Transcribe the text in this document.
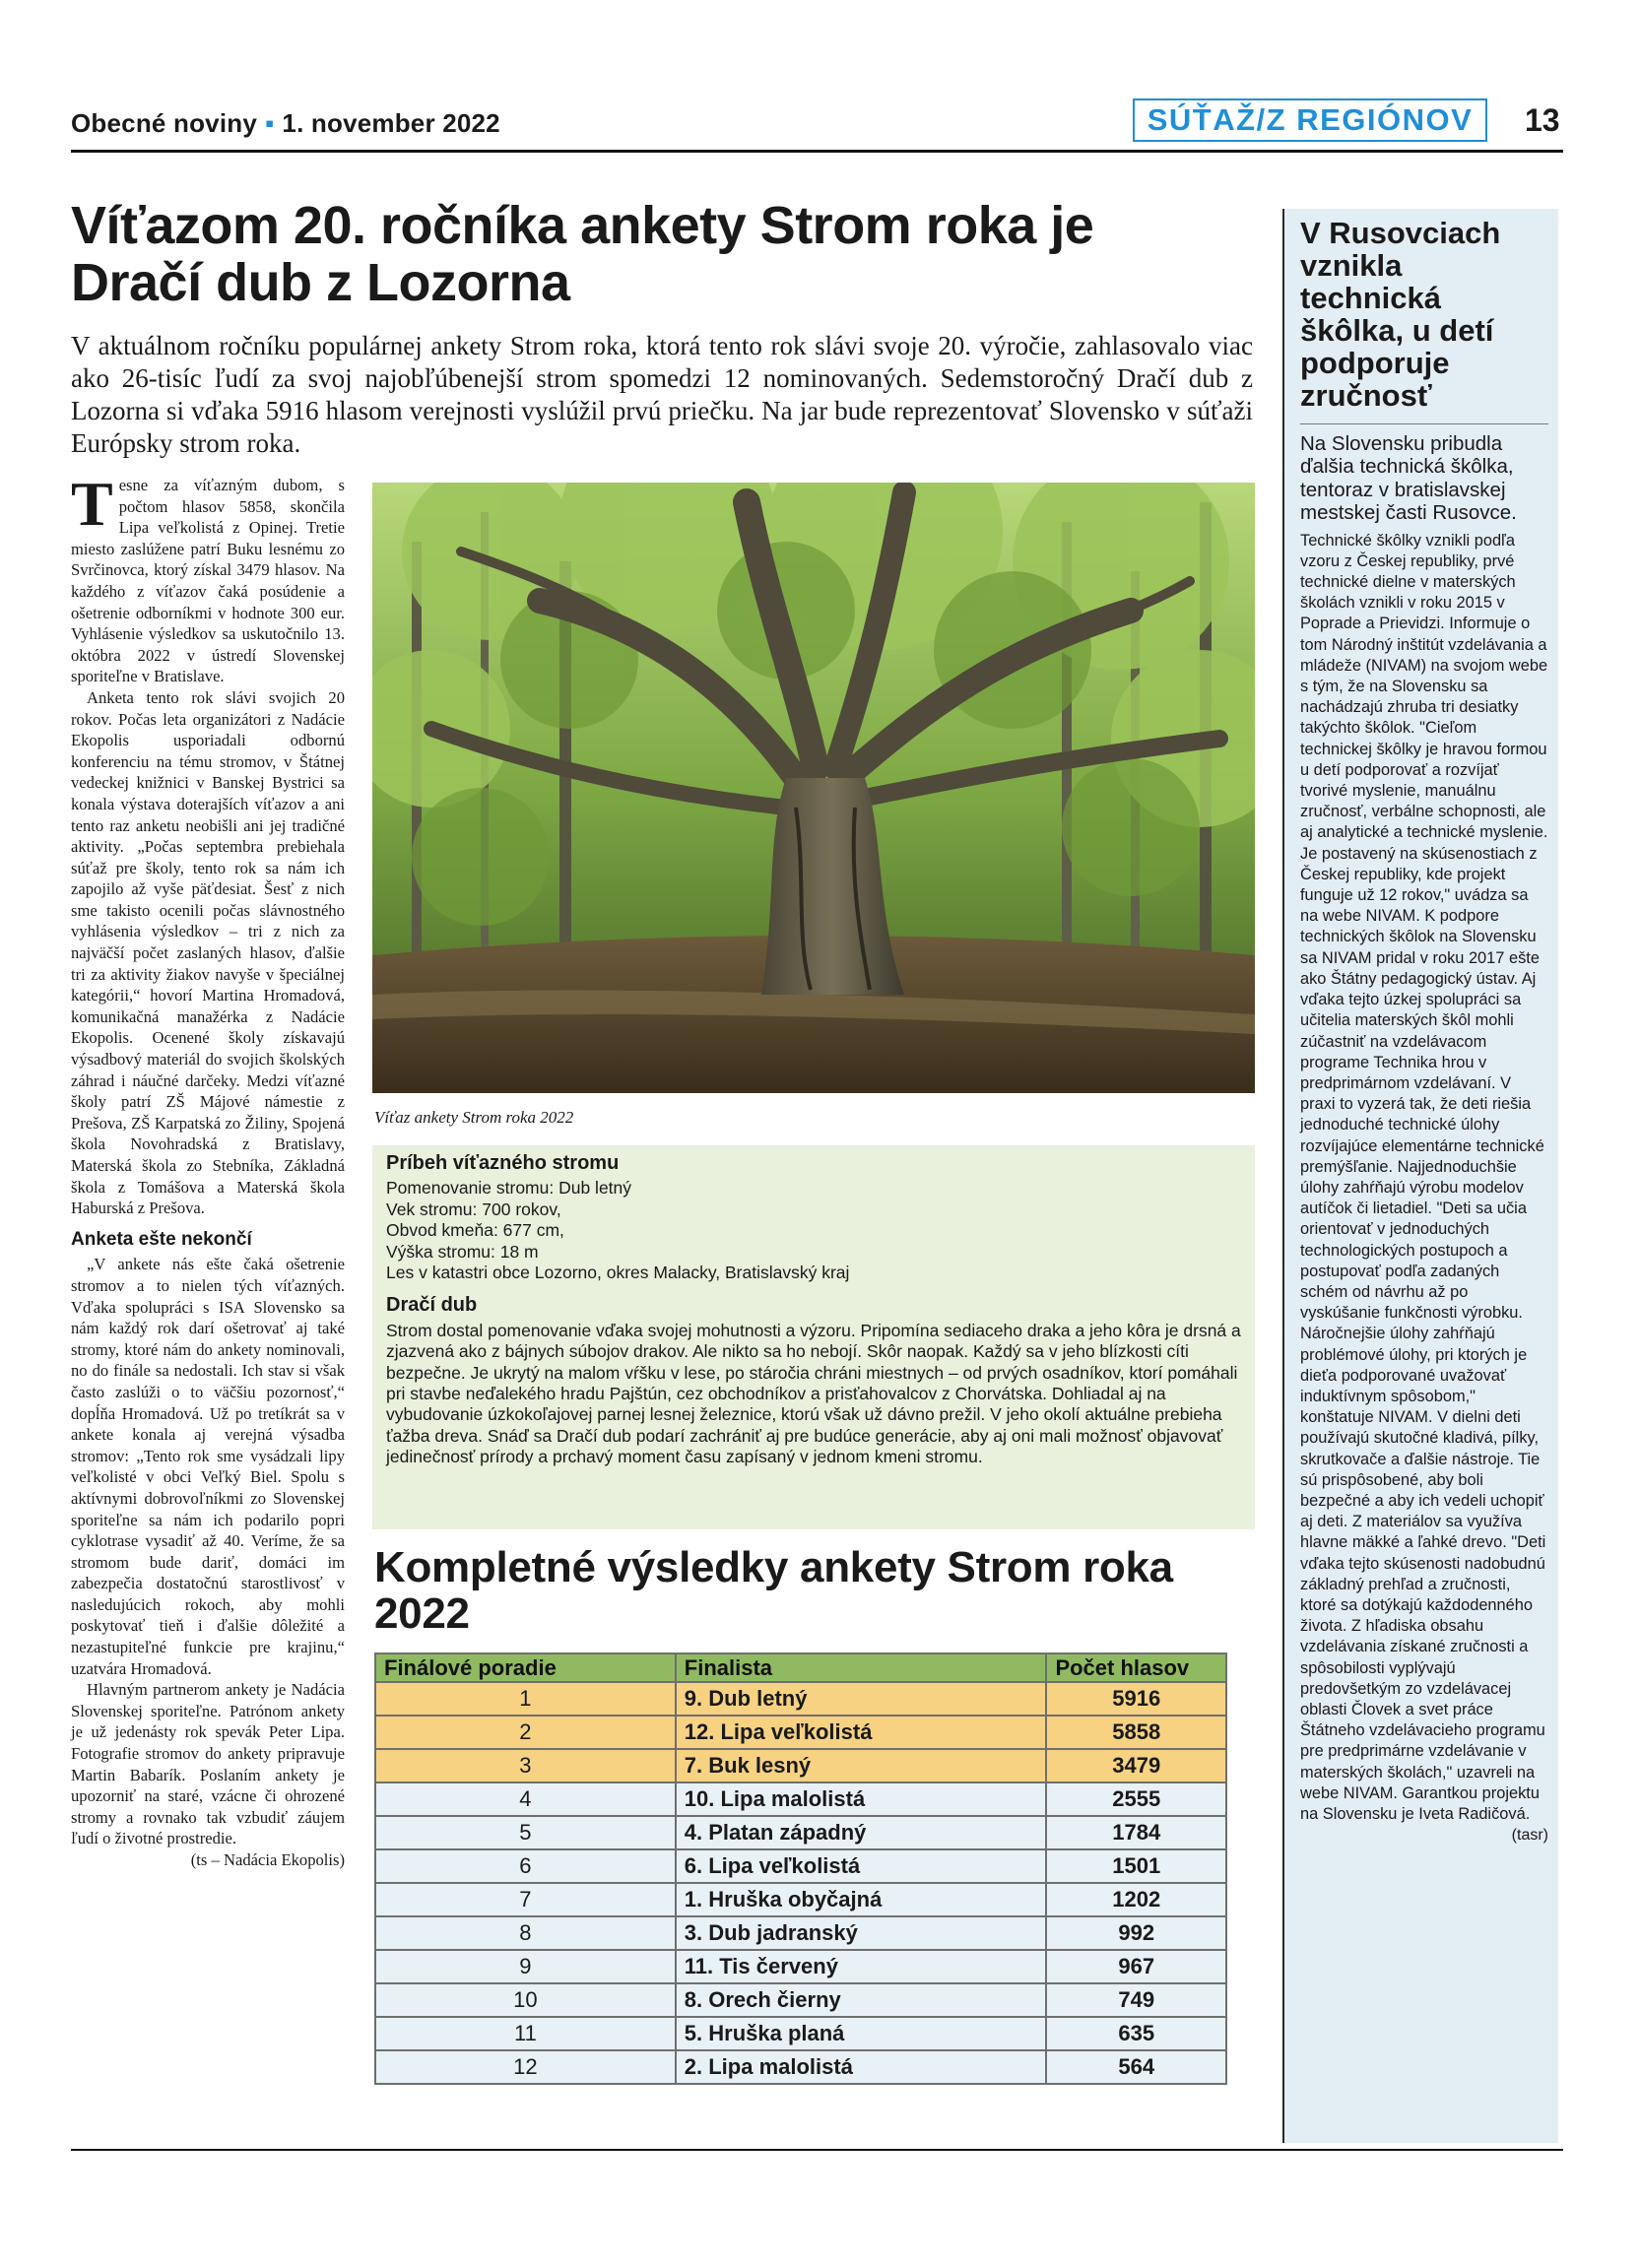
Obecné noviny ▪ 1. november 2022	SÚŤAŽ/Z REGIÓNOV	13
Víťazom 20. ročníka ankety Strom roka je Dračí dub z Lozorna
V aktuálnom ročníku populárnej ankety Strom roka, ktorá tento rok slávi svoje 20. výročie, zahlasovalo viac ako 26-tisíc ľudí za svoj najobľúbenejší strom spomedzi 12 nominovaných. Sedemstoročný Dračí dub z Lozorna si vďaka 5916 hlasom verejnosti vyslúžil prvú priečku. Na jar bude reprezentovať Slovensko v súťaži Európsky strom roka.

Tesne za víťazným dubom, s počtom hlasov 5858, skončila Lipa veľkolistá z Opinej. Tretie miesto zaslúžene patrí Buku lesnému zo Svrčinovca, ktorý získal 3479 hlasov. Na každého z víťazov čaká posúdenie a ošetrenie odborníkmi v hodnote 300 eur. Vyhlásenie výsledkov sa uskutočnilo 13. októbra 2022 v ústredí Slovenskej sporiteľne v Bratislave.

Anketa tento rok slávi svojich 20 rokov. Počas leta organizátori z Nadácie Ekopolis usporiadali odbornú konferenciu na tému stromov, v Štátnej vedeckej knižnici v Banskej Bystrici sa konala výstava doterajších víťazov a ani tento raz anketu neobišli ani jej tradičné aktivity. „Počas septembra prebiehala súťaž pre školy, tento rok sa nám ich zapojilo až vyše päťdesiat. Šesť z nich sme takisto ocenili počas slávnostného vyhlásenia výsledkov – tri z nich za najväčší počet zaslaných hlasov, ďalšie tri za aktivity žiakov navyše v špeciálnej kategórii,“ hovorí Martina Hromadová, komunikačná manažérka z Nadácie Ekopolis. Ocenené školy získavajú výsadbový materiál do svojich školských záhrad i náučné darčeky. Medzi víťazné školy patrí ZŠ Májové námestie z Prešova, ZŠ Karpatská zo Žiliny, Spojená škola Novohradská z Bratislavy, Materská škola zo Stebníka, Základná škola z Tomášova a Materská škola Haburská z Prešova.

Anketa ešte nekončí

„V ankete nás ešte čaká ošetrenie stromov a to nielen tých víťazných. Vďaka spolupráci s ISA Slovensko sa nám každý rok darí ošetrovať aj také stromy, ktoré nám do ankety nominovali, no do finále sa nedostali. Ich stav si však často zaslúži o to väčšiu pozornosť,“ dopĺňa Hromadová. Už po tretíkrát sa v ankete konala aj verejná výsadba stromov: „Tento rok sme vysádzali lipy veľkolisté v obci Veľký Biel. Spolu s aktívnymi dobrovoľníkmi zo Slovenskej sporiteľne sa nám ich podarilo popri cyklotrase vysadiť až 40. Veríme, že sa stromom bude dariť, domáci im zabezpečia dostatočnú starostlivosť v nasledujúcich rokoch, aby mohli poskytovať tieň i ďalšie dôležité a nezastupiteľné funkcie pre krajinu,“ uzatvára Hromadová.

Hlavným partnerom ankety je Nadácia Slovenskej sporiteľne. Patrónom ankety je už jedenásty rok spevák Peter Lipa. Fotografie stromov do ankety pripravuje Martin Babarík. Poslaním ankety je upozorniť na staré, vzácne či ohrozené stromy a rovnako tak vzbudiť záujem ľudí o životné prostredie.

(ts – Nadácia Ekopolis)

Víťaz ankety Strom roka 2022
Príbeh víťazného stromu
Pomenovanie stromu: Dub letný
Vek stromu: 700 rokov,
Obvod kmeňa: 677 cm,
Výška stromu: 18 m
Les v katastri obce Lozorno, okres Malacky, Bratislavský kraj
Dračí dub
Strom dostal pomenovanie vďaka svojej mohutnosti a výzoru. Pripomína sediaceho draka a jeho kôra je drsná a zjazvená ako z bájnych súbojov drakov. Ale nikto sa ho nebojí. Skôr naopak. Každý sa v jeho blízkosti cíti bezpečne. Je ukrytý na malom vŕšku v lese, po stáročia chráni miestnych – od prvých osadníkov, ktorí pomáhali pri stavbe neďalekého hradu Pajštún, cez obchodníkov a prisťahovalcov z Chorvátska. Dohliadal aj na vybudovanie úzkokoľajovej parnej lesnej železnice, ktorú však už dávno prežil. V jeho okolí aktuálne prebieha ťažba dreva. Snáď sa Dračí dub podarí zachrániť aj pre budúce generácie, aby aj oni mali možnosť objavovať jedinečnosť prírody a prchavý moment času zapísaný v jednom kmeni stromu.
Kompletné výsledky ankety Strom roka 2022
Finálové poradie	Finalista	Počet hlasov
1	9. Dub letný	5916
2	12. Lipa veľkolistá	5858
3	7. Buk lesný	3479
4	10. Lipa malolistá	2555
5	4. Platan západný	1784
6	6. Lipa veľkolistá	1501
7	1. Hruška obyčajná	1202
8	3. Dub jadranský	992
9	11. Tis červený	967
10	8. Orech čierny	749
11	5. Hruška planá	635
12	2. Lipa malolistá	564
V Rusovciach vznikla technická škôlka, u detí podporuje zručnosť
Na Slovensku pribudla ďalšia technická škôlka, tentoraz v bratislavskej mestskej časti Rusovce.
Technické škôlky vznikli podľa vzoru z Českej republiky, prvé technické dielne v materských školách vznikli v roku 2015 v Poprade a Prievidzi. Informuje o tom Národný inštitút vzdelávania a mládeže (NIVAM) na svojom webe s tým, že na Slovensku sa nachádzajú zhruba tri desiatky takýchto škôlok. "Cieľom technickej škôlky je hravou formou u detí podporovať a rozvíjať tvorivé myslenie, manuálnu zručnosť, verbálne schopnosti, ale aj analytické a technické myslenie. Je postavený na skúsenostiach z Českej republiky, kde projekt funguje už 12 rokov," uvádza sa na webe NIVAM. K podpore technických škôlok na Slovensku sa NIVAM pridal v roku 2017 ešte ako Štátny pedagogický ústav. Aj vďaka tejto úzkej spolupráci sa učitelia materských škôl mohli zúčastniť na vzdelávacom programe Technika hrou v predprimárnom vzdelávaní. V praxi to vyzerá tak, že deti riešia jednoduché technické úlohy rozvíjajúce elementárne technické premýšľanie. Najjednoduchšie úlohy zahŕňajú výrobu modelov autíčok či lietadiel. "Deti sa učia orientovať v jednoduchých technologických postupoch a postupovať podľa zadaných schém od návrhu až po vyskúšanie funkčnosti výrobku. Náročnejšie úlohy zahŕňajú problémové úlohy, pri ktorých je dieťa podporované uvažovať induktívnym spôsobom," konštatuje NIVAM. V dielni deti používajú skutočné kladivá, pílky, skrutkovače a ďalšie nástroje. Tie sú prispôsobené, aby boli bezpečné a aby ich vedeli uchopiť aj deti. Z materiálov sa využíva hlavne mäkké a ľahké drevo. "Deti vďaka tejto skúsenosti nadobudnú základný prehľad a zručnosti, ktoré sa dotýkajú každodenného života. Z hľadiska obsahu vzdelávania získané zručnosti a spôsobilosti vyplývajú predovšetkým zo vzdelávacej oblasti Človek a svet práce Štátneho vzdelávacieho programu pre predprimárne vzdelávanie v materských školách," uzavreli na webe NIVAM. Garantkou projektu na Slovensku je Iveta Radičová.
(tasr)
